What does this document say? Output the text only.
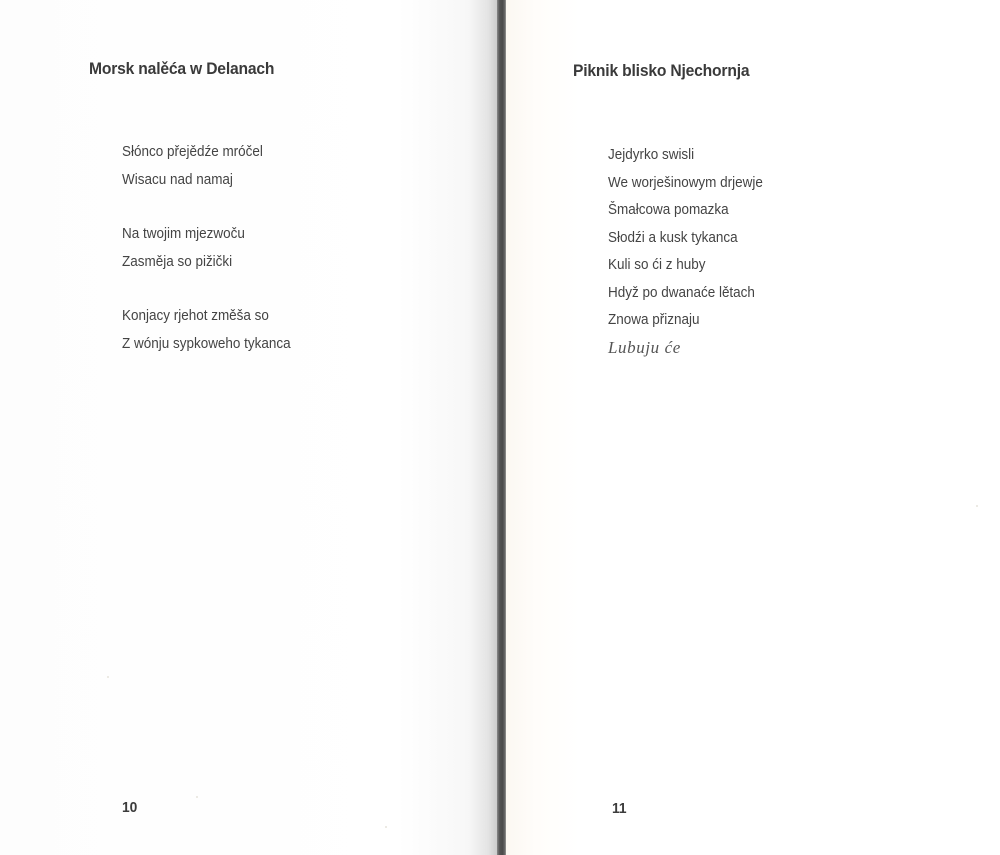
Morsk nalěća w Delanach
Słónco přejědźe mróčel
Wisacu nad namaj
Na twojim mjezwoču
Zasměja so pižički
Konjacy rjehot změša so
Z wónju sypkoweho tykanca
10
Piknik blisko Njechornja
Jejdyrko swisli
We worješinowym drjewje
Šmałcowa pomazka
Słodźi a kusk tykanca
Kuli so ći z huby
Hdyž po dwanaće lětach
Znowa přiznaju
Lubuju će
11
